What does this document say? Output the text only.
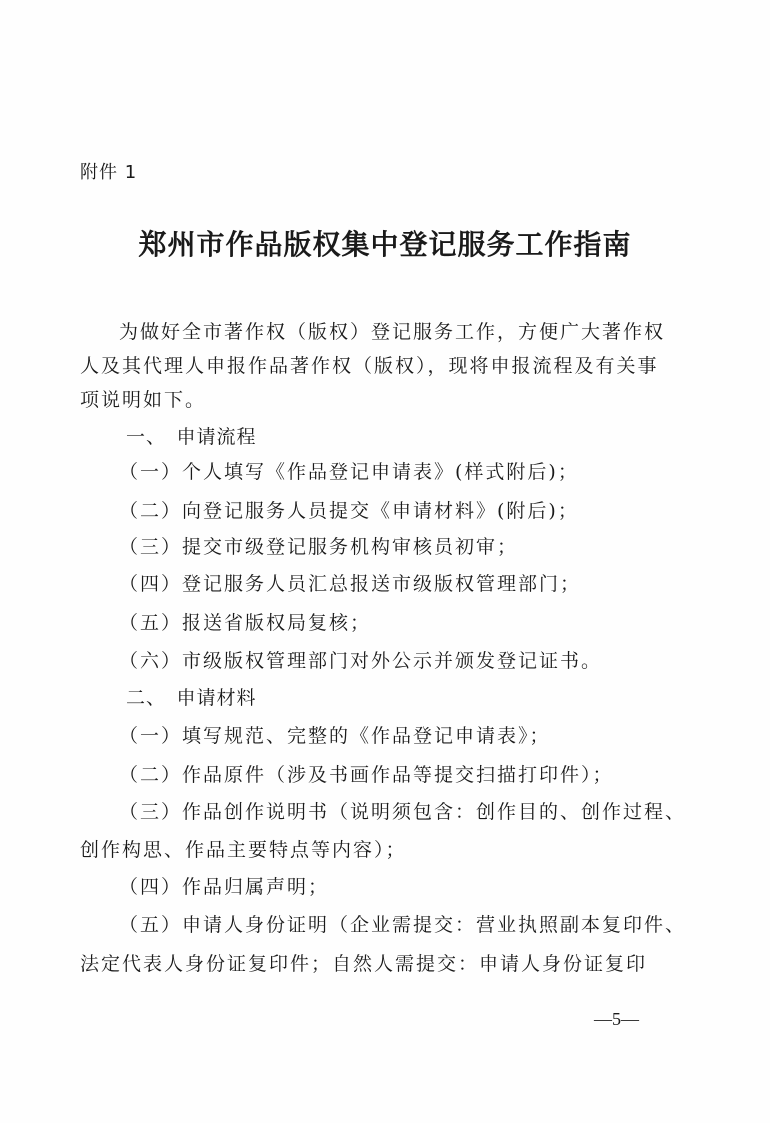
附件 1
郑州市作品版权集中登记服务工作指南
为做好全市著作权（版权）登记服务工作，方便广大著作权
人及其代理人申报作品著作权（版权），现将申报流程及有关事
项说明如下。
一、　申请流程
（一）个人填写《作品登记申请表》(样式附后)；
（二）向登记服务人员提交《申请材料》(附后)；
（三）提交市级登记服务机构审核员初审；
（四）登记服务人员汇总报送市级版权管理部门；
（五）报送省版权局复核；
（六）市级版权管理部门对外公示并颁发登记证书。
二、　申请材料
（一）填写规范、完整的《作品登记申请表》；
（二）作品原件（涉及书画作品等提交扫描打印件）；
（三）作品创作说明书（说明须包含：创作目的、创作过程、
创作构思、作品主要特点等内容）；
（四）作品归属声明；
（五）申请人身份证明（企业需提交：营业执照副本复印件、
法定代表人身份证复印件；自然人需提交：申请人身份证复印
—5—
